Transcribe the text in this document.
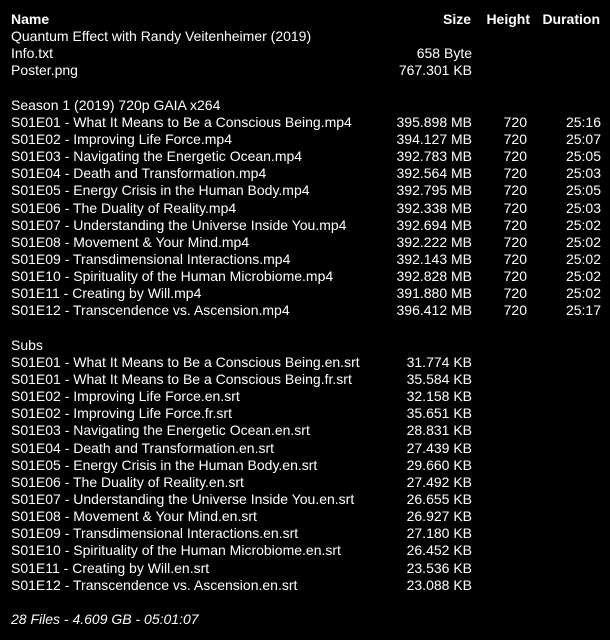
Name	Size Height Duration
Quantum Effect with Randy Veitenheimer (2019)
Info.txt	658 Byte
Poster.png	767.301 KB
Season 1 (2019) 720p GAIA x264
S01E01 - What It Means to Be a Conscious Being.mp4	395.898 MB 720	25:16
S01E02 - Improving Life Force.mp4	394.127 MB 720	25:07
S01E03 - Navigating the Energetic Ocean.mp4	392.783 MB 720	25:05
S01E04 - Death and Transformation.mp4	392.564 MB 720	25:03
S01E05 - Energy Crisis in the Human Body.mp4	392.795 MB 720	25:05
S01E06 - The Duality of Reality.mp4	392.338 MB 720	25:03
S01E07 - Understanding the Universe Inside You.mp4	392.694 MB 720	25:02
S01E08 - Movement & Your Mind.mp4	392.222 MB 720	25:02
S01E09 - Transdimensional Interactions.mp4	392.143 MB 720	25:02
S01E10 - Spirituality of the Human Microbiome.mp4	392.828 MB 720	25:02
S01E11 - Creating by Will.mp4	391.880 MB 720	25:02
S01E12 - Transcendence vs. Ascension.mp4	396.412 MB 720	25:17
Subs
S01E01 - What It Means to Be a Conscious Being.en.srt	31.774 KB
S01E01 - What It Means to Be a Conscious Being.fr.srt	35.584 KB
S01E02 - Improving Life Force.en.srt	32.158 KB
S01E02 - Improving Life Force.fr.srt	35.651 KB
S01E03 - Navigating the Energetic Ocean.en.srt	28.831 KB
S01E04 - Death and Transformation.en.srt	27.439 KB
S01E05 - Energy Crisis in the Human Body.en.srt	29.660 KB
S01E06 - The Duality of Reality.en.srt	27.492 KB
S01E07 - Understanding the Universe Inside You.en.srt	26.655 KB
S01E08 - Movement & Your Mind.en.srt	26.927 KB
S01E09 - Transdimensional Interactions.en.srt	27.180 KB
S01E10 - Spirituality of the Human Microbiome.en.srt	26.452 KB
S01E11 - Creating by Will.en.srt	23.536 KB
S01E12 - Transcendence vs. Ascension.en.srt	23.088 KB
28 Files - 4.609 GB - 05:01:07
